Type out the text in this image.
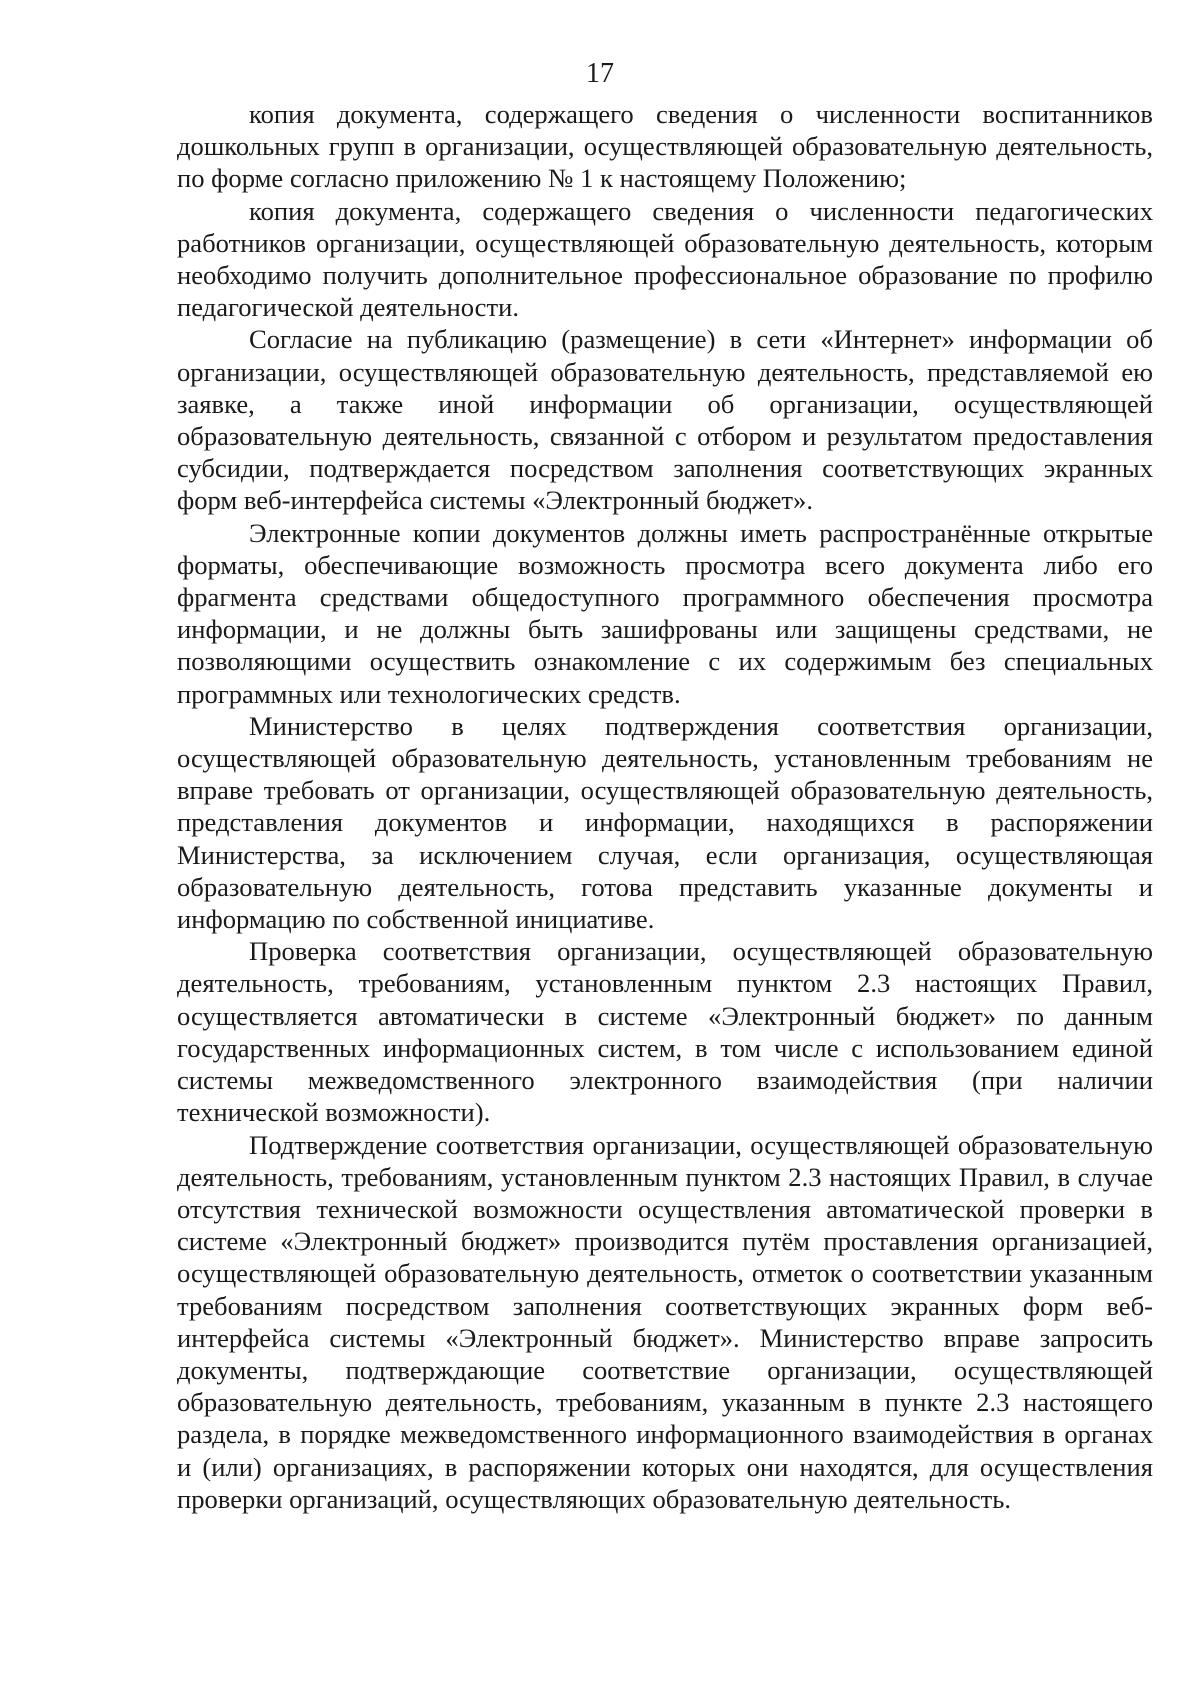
17

копия документа, содержащего сведения о численности воспитанников дошкольных групп в организации, осуществляющей образовательную деятельность, по форме согласно приложению № 1 к настоящему Положению;

копия документа, содержащего сведения о численности педагогических работников организации, осуществляющей образовательную деятельность, которым необходимо получить дополнительное профессиональное образование по профилю педагогической деятельности.

Согласие на публикацию (размещение) в сети «Интернет» информации об организации, осуществляющей образовательную деятельность, представляемой ею заявке, а также иной информации об организации, осуществляющей образовательную деятельность, связанной с отбором и результатом предоставления субсидии, подтверждается посредством заполнения соответствующих экранных форм веб-интерфейса системы «Электронный бюджет».

Электронные копии документов должны иметь распространённые открытые форматы, обеспечивающие возможность просмотра всего документа либо его фрагмента средствами общедоступного программного обеспечения просмотра информации, и не должны быть зашифрованы или защищены средствами, не позволяющими осуществить ознакомление с их содержимым без специальных программных или технологических средств.

Министерство в целях подтверждения соответствия организации, осуществляющей образовательную деятельность, установленным требованиям не вправе требовать от организации, осуществляющей образовательную деятельность, представления документов и информации, находящихся в распоряжении Министерства, за исключением случая, если организация, осуществляющая образовательную деятельность, готова представить указанные документы и информацию по собственной инициативе.

Проверка соответствия организации, осуществляющей образовательную деятельность, требованиям, установленным пунктом 2.3 настоящих Правил, осуществляется автоматически в системе «Электронный бюджет» по данным государственных информационных систем, в том числе с использованием единой системы межведомственного электронного взаимодействия (при наличии технической возможности).

Подтверждение соответствия организации, осуществляющей образовательную деятельность, требованиям, установленным пунктом 2.3 настоящих Правил, в случае отсутствия технической возможности осуществления автоматической проверки в системе «Электронный бюджет» производится путём проставления организацией, осуществляющей образовательную деятельность, отметок о соответствии указанным требованиям посредством заполнения соответствующих экранных форм веб-интерфейса системы «Электронный бюджет». Министерство вправе запросить документы, подтверждающие соответствие организации, осуществляющей образовательную деятельность, требованиям, указанным в пункте 2.3 настоящего раздела, в порядке межведомственного информационного взаимодействия в органах и (или) организациях, в распоряжении которых они находятся, для осуществления проверки организаций, осуществляющих образовательную деятельность.
